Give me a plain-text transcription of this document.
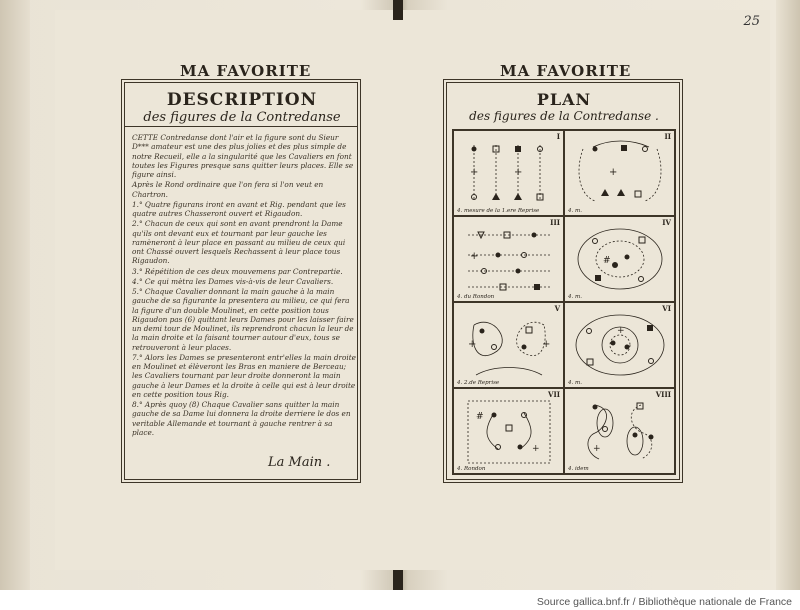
25
MA FAVORITE
DESCRIPTION
des figures de la Contredanse

CETTE Contredanse dont l'air et la figure sont du Sieur D*** amateur est une des plus jolies et des plus simple de notre Recueil, elle a la singularité que les Cavaliers en font toutes les Figures presque sans quitter leurs places. Elle se figure ainsi.

Après le Rond ordinaire que l'on fera si l'on veut en Chartron.

1.° Quatre figurans iront en avant et Rig. pendant que les quatre autres Chasseront ouvert et Rigaudon.

2.° Chacun de ceux qui sont en avant prendront la Dame qu'ils ont devant eux et tournant par leur gauche les ramèneront à leur place en passant au milieu de ceux qui ont Chassé ouvert lesquels Rechassent à leur place tous Rigaudon.

3.° Répétition de ces deux mouvemens par Contrepartie.

4.° Ce qui mètra les Dames vis-à-vis de leur Cavaliers.

5.° Chaque Cavalier donnant la main gauche à la main gauche de sa figurante la presentera au milieu, ce qui fera la figure d'un double Moulinet, en cette position tous Rigaudon pas (6) quittant leurs Dames pour les laisser faire un demi tour de Moulinet, ils reprendront chacun la leur de la main droite et la faisant tourner autour d'eux, tous se retrouveront à leur places.

7.° Alors les Dames se presenteront entr'elles la main droite en Moulinet et élèveront les Bras en maniere de Berceau; les Cavaliers tournant par leur droite donneront la main gauche à leur Dames et la droite à celle qui est à leur droite en cette position tous Rig.

8.° Après quoy (8) Chaque Cavalier sans quitter la main gauche de sa Dame lui donnera la droite derriere le dos en veritable Allemande et tournant à gauche rentrer à sa place.

La Main .
MA FAVORITE
PLAN
des figures de la Contredanse .
+	+
I
4. mesure de la 1.ere Reprise
+
II
4. m.
+
III
4. du Rondon
#
IV
4. m.
+	+
V
4. 2.de Reprise
+
VI
4. m.
#
+
VII
4. Rondon
+
VIII
4. idem
Source gallica.bnf.fr / Bibliothèque nationale de France
